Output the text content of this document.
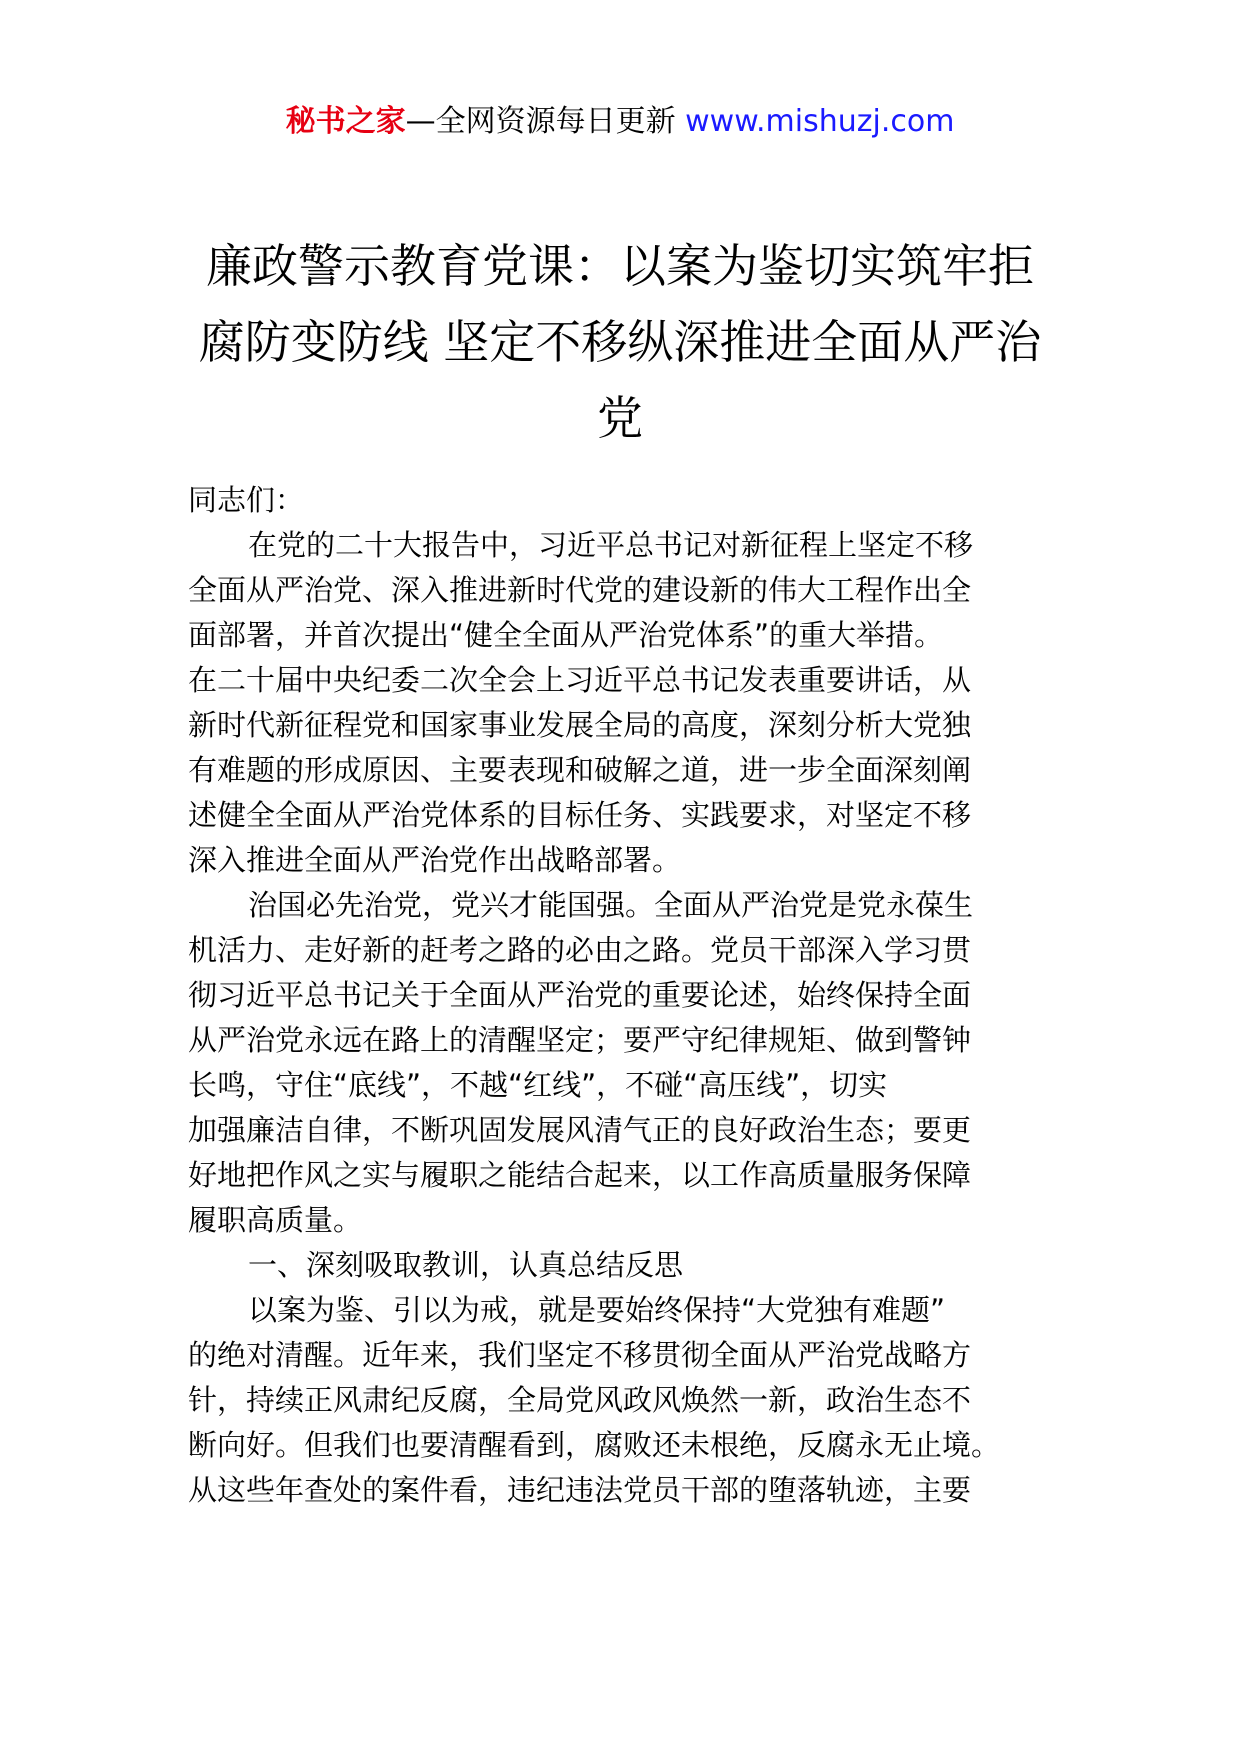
秘书之家—全网资源每日更新 www.mishuzj.com
廉政警示教育党课：以案为鉴切实筑牢拒
腐防变防线 坚定不移纵深推进全面从严治
党

同志们：

在党的二十大报告中，习近平总书记对新征程上坚定不移
全面从严治党、深入推进新时代党的建设新的伟大工程作出全
面部署，并首次提出“健全全面从严治党体系”的重大举措。
在二十届中央纪委二次全会上习近平总书记发表重要讲话，从
新时代新征程党和国家事业发展全局的高度，深刻分析大党独
有难题的形成原因、主要表现和破解之道，进一步全面深刻阐
述健全全面从严治党体系的目标任务、实践要求，对坚定不移
深入推进全面从严治党作出战略部署。

治国必先治党，党兴才能国强。全面从严治党是党永葆生
机活力、走好新的赶考之路的必由之路。党员干部深入学习贯
彻习近平总书记关于全面从严治党的重要论述，始终保持全面
从严治党永远在路上的清醒坚定；要严守纪律规矩、做到警钟
长鸣，守住“底线”，不越“红线”，不碰“高压线”，切实
加强廉洁自律，不断巩固发展风清气正的良好政治生态；要更
好地把作风之实与履职之能结合起来，以工作高质量服务保障
履职高质量。

一、深刻吸取教训，认真总结反思

以案为鉴、引以为戒，就是要始终保持“大党独有难题”
的绝对清醒。近年来，我们坚定不移贯彻全面从严治党战略方
针，持续正风肃纪反腐，全局党风政风焕然一新，政治生态不
断向好。但我们也要清醒看到，腐败还未根绝，反腐永无止境。
从这些年查处的案件看，违纪违法党员干部的堕落轨迹，主要
